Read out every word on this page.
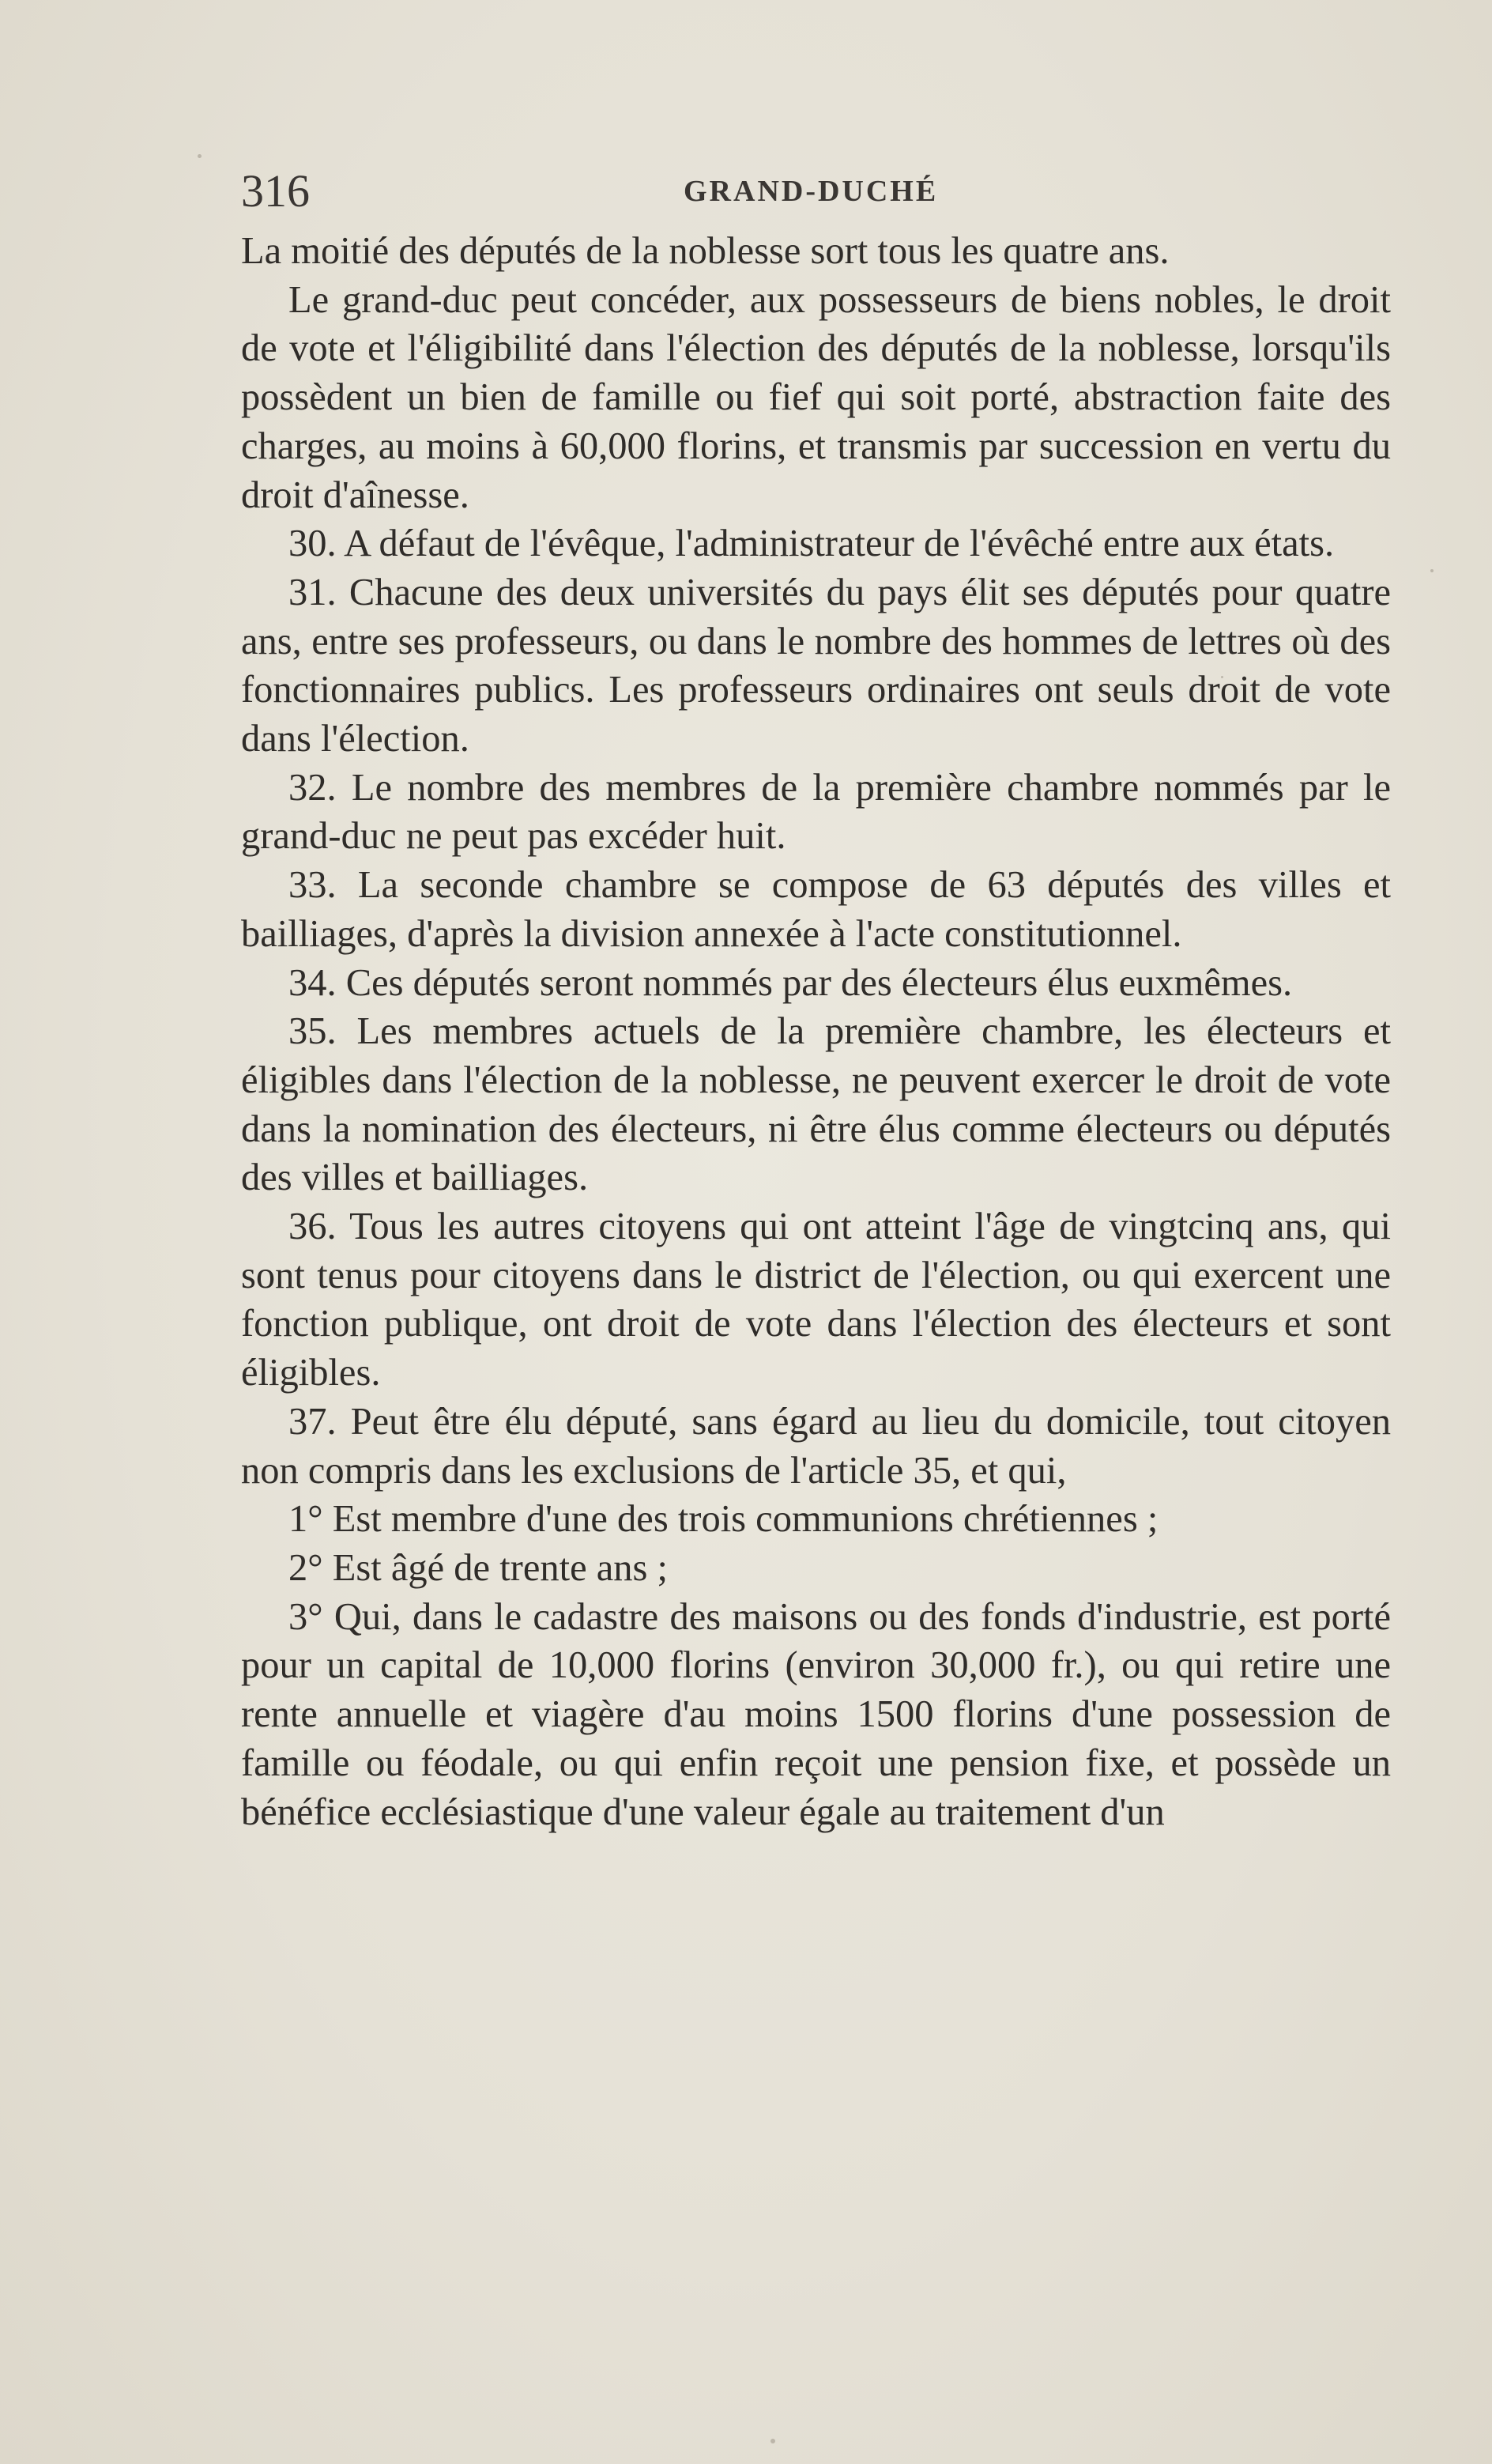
316	GRAND-DUCHÉ

La moitié des députés de la noblesse sort tous les quatre ans.

Le grand-duc peut concéder, aux possesseurs de biens nobles, le droit de vote et l'éligibilité dans l'élection des députés de la noblesse, lorsqu'ils possèdent un bien de famille ou fief qui soit porté, abstraction faite des charges, au moins à 60,000 florins, et transmis par succession en vertu du droit d'aînesse.

30. A défaut de l'évêque, l'administrateur de l'évêché entre aux états.

31. Chacune des deux universités du pays élit ses députés pour quatre ans, entre ses professeurs, ou dans le nombre des hommes de lettres où des fonctionnaires publics. Les professeurs ordinaires ont seuls droit de vote dans l'élection.

32. Le nombre des membres de la première chambre nommés par le grand-duc ne peut pas excéder huit.

33. La seconde chambre se compose de 63 députés des villes et bailliages, d'après la division annexée à l'acte constitutionnel.

34. Ces députés seront nommés par des électeurs élus euxmêmes.

35. Les membres actuels de la première chambre, les électeurs et éligibles dans l'élection de la noblesse, ne peuvent exercer le droit de vote dans la nomination des électeurs, ni être élus comme électeurs ou députés des villes et bailliages.

36. Tous les autres citoyens qui ont atteint l'âge de vingtcinq ans, qui sont tenus pour citoyens dans le district de l'élection, ou qui exercent une fonction publique, ont droit de vote dans l'élection des électeurs et sont éligibles.

37. Peut être élu député, sans égard au lieu du domicile, tout citoyen non compris dans les exclusions de l'article 35, et qui,

1° Est membre d'une des trois communions chrétiennes ;

2° Est âgé de trente ans ;

3° Qui, dans le cadastre des maisons ou des fonds d'industrie, est porté pour un capital de 10,000 florins (environ 30,000 fr.), ou qui retire une rente annuelle et viagère d'au moins 1500 florins d'une possession de famille ou féodale, ou qui enfin reçoit une pension fixe, et possède un bénéfice ecclésiastique d'une valeur égale au traitement d'un
